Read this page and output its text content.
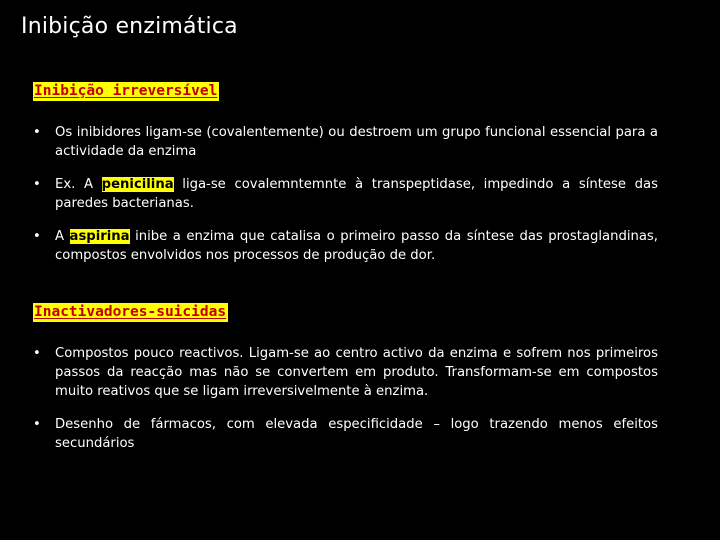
Inibição enzimática
Inibição irreversível
• Os inibidores ligam-se (covalentemente) ou destroem um grupo funcional essencial para a actividade da enzima
• Ex. A penicilina liga-se covalemntemnte à transpeptidase, impedindo a síntese das paredes bacterianas.
• A aspirina inibe a enzima que catalisa o primeiro passo da síntese das prostaglandinas, compostos envolvidos nos processos de produção de dor.
Inactivadores-suicidas
• Compostos pouco reactivos. Ligam-se ao centro activo da enzima e sofrem nos primeiros passos da reacção mas não se convertem em produto. Transformam-se em compostos muito reativos que se ligam irreversivelmente à enzima.
• Desenho de fármacos, com elevada especificidade – logo trazendo menos efeitos secundários
